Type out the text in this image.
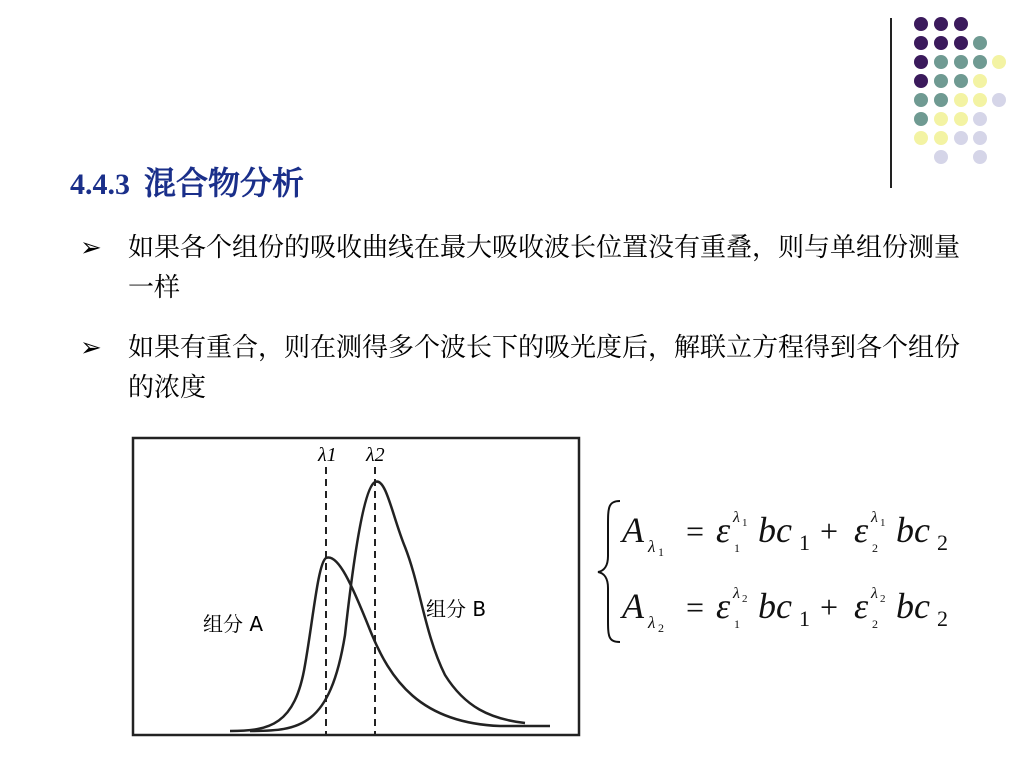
4.4.3 混合物分析
➢	如果各个组份的吸收曲线在最大吸收波长位置没有重叠，则与单组份测量一样
➢	如果有重合，则在测得多个波长下的吸光度后，解联立方程得到各个组份的浓度
λ1 λ2
组分 A
组分 B
A λ 1
= ε λ 1
1 bc 1 + ε λ 1
2 bc 2
A λ 2
= ε λ 2
1 bc 1 + ε λ 2
2 bc 2
